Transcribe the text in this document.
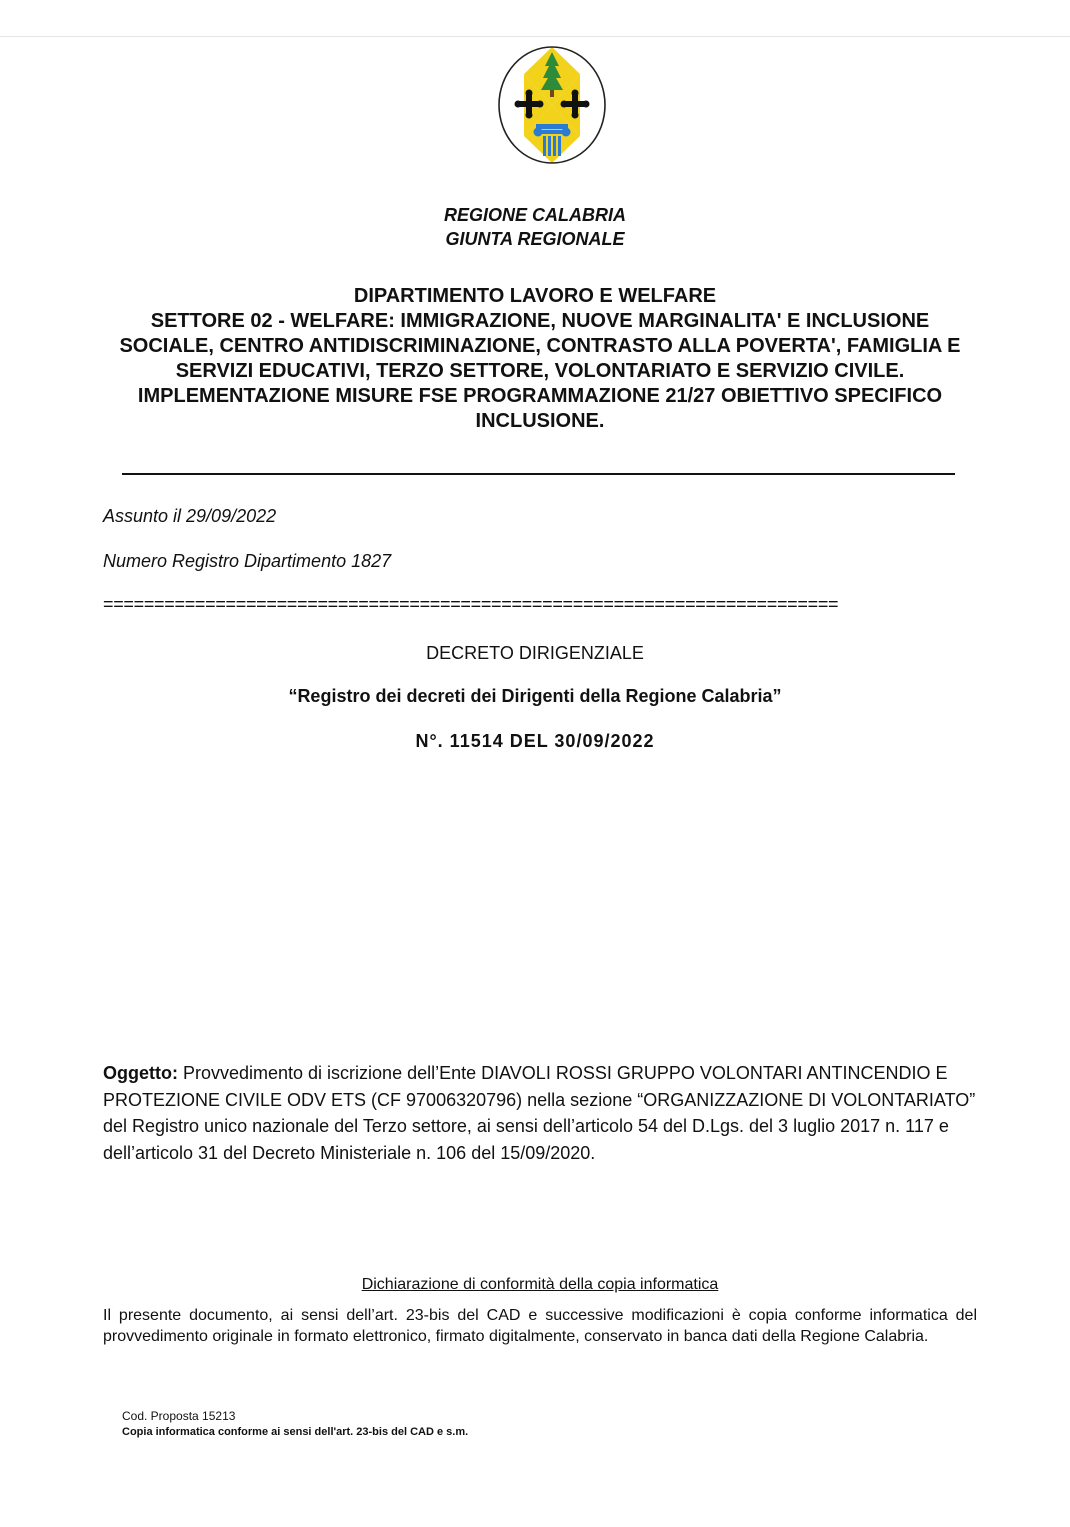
REGIONE CALABRIA
GIUNTA REGIONALE
DIPARTIMENTO LAVORO E WELFARE
SETTORE 02 - WELFARE: IMMIGRAZIONE, NUOVE MARGINALITA' E INCLUSIONE SOCIALE, CENTRO ANTIDISCRIMINAZIONE, CONTRASTO ALLA POVERTA', FAMIGLIA E SERVIZI EDUCATIVI, TERZO SETTORE, VOLONTARIATO E SERVIZIO CIVILE. IMPLEMENTAZIONE MISURE FSE PROGRAMMAZIONE 21/27 OBIETTIVO SPECIFICO INCLUSIONE.
Assunto il 29/09/2022
Numero Registro Dipartimento 1827
========================================================================
DECRETO DIRIGENZIALE
“Registro dei decreti dei Dirigenti della Regione Calabria”
N°. 11514 DEL 30/09/2022
Oggetto: Provvedimento di iscrizione dell’Ente DIAVOLI ROSSI GRUPPO VOLONTARI ANTINCENDIO E PROTEZIONE CIVILE ODV ETS (CF 97006320796) nella sezione “ORGANIZZAZIONE DI VOLONTARIATO” del Registro unico nazionale del Terzo settore, ai sensi dell’articolo 54 del D.Lgs. del 3 luglio 2017 n. 117 e dell’articolo 31 del Decreto Ministeriale n. 106 del 15/09/2020.
Dichiarazione di conformità della copia informatica
Il presente documento, ai sensi dell’art. 23-bis del CAD e successive modificazioni è copia conforme informatica del provvedimento originale in formato elettronico, firmato digitalmente, conservato in banca dati della Regione Calabria.
Cod. Proposta 15213
Copia informatica conforme ai sensi dell'art. 23-bis del CAD e s.m.
